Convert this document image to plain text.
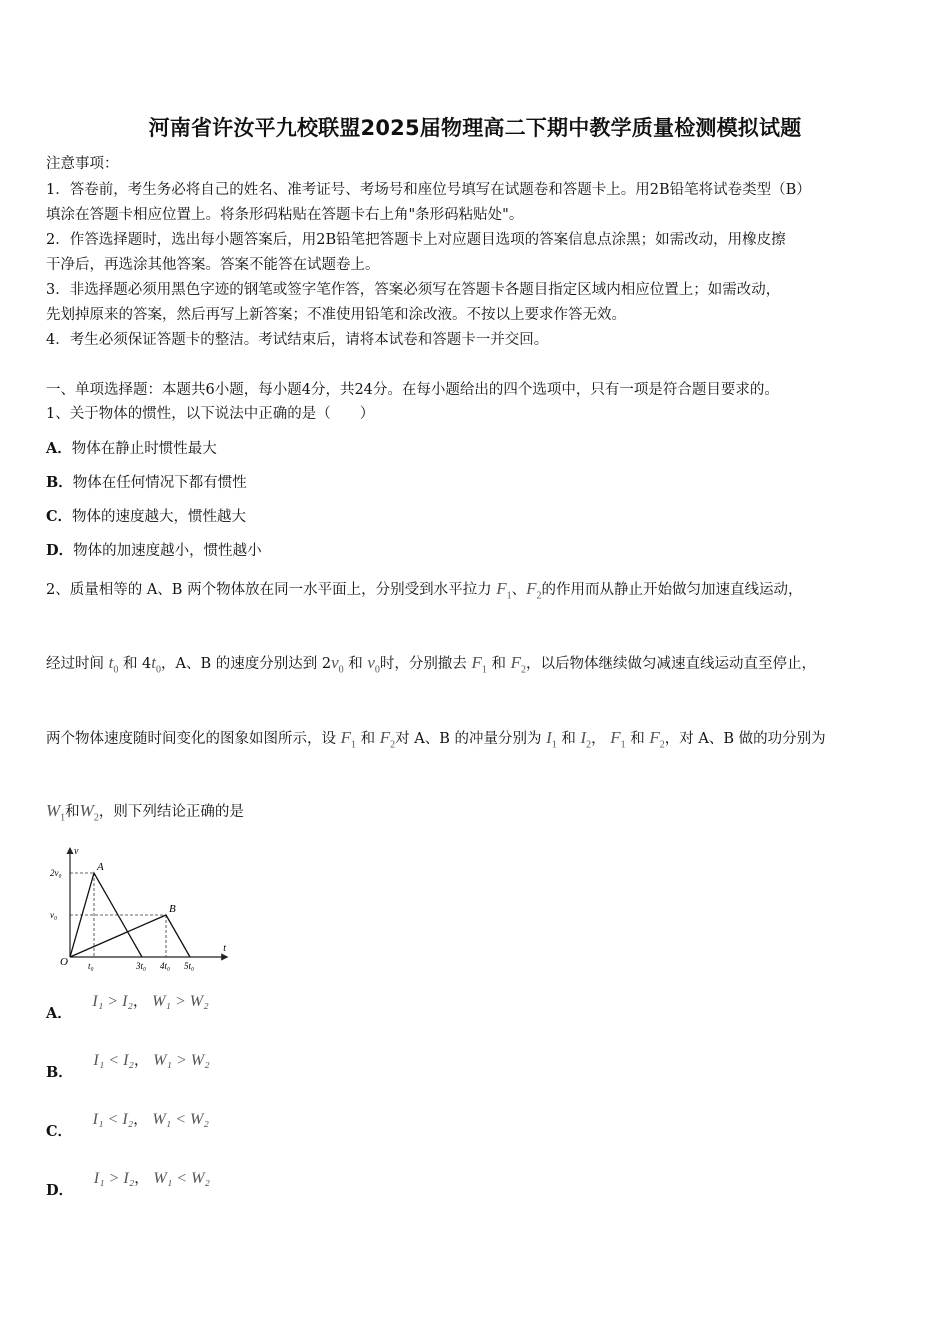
河南省许汝平九校联盟2025届物理高二下期中教学质量检测模拟试题
注意事项：
1．答卷前，考生务必将自己的姓名、准考证号、考场号和座位号填写在试题卷和答题卡上。用2B铅笔将试卷类型（B）
填涂在答题卡相应位置上。将条形码粘贴在答题卡右上角"条形码粘贴处"。
2．作答选择题时，选出每小题答案后，用2B铅笔把答题卡上对应题目选项的答案信息点涂黑；如需改动，用橡皮擦
干净后，再选涂其他答案。答案不能答在试题卷上。
3．非选择题必须用黑色字迹的钢笔或签字笔作答，答案必须写在答题卡各题目指定区域内相应位置上；如需改动，
先划掉原来的答案，然后再写上新答案；不准使用铅笔和涂改液。不按以上要求作答无效。
4．考生必须保证答题卡的整洁。考试结束后，请将本试卷和答题卡一并交回。
一、单项选择题：本题共6小题，每小题4分，共24分。在每小题给出的四个选项中，只有一项是符合题目要求的。
1、关于物体的惯性，以下说法中正确的是（　　）
A．物体在静止时惯性最大
B．物体在任何情况下都有惯性
C．物体的速度越大，惯性越大
D．物体的加速度越小，惯性越小
2、质量相等的 A、B 两个物体放在同一水平面上，分别受到水平拉力 $F_1$、$F_2$的作用而从静止开始做匀加速直线运动，
经过时间 $t_0$ 和 $4t_0$，A、B 的速度分别达到 $2v_0$ 和 $v_0$时，分别撤去 $F_1$ 和 $F_2$，以后物体继续做匀减速直线运动直至停止，
两个物体速度随时间变化的图象如图所示，设 $F_1$ 和 $F_2$对 A、B 的冲量分别为 $I_1$ 和 $I_2$， $F_1$ 和 $F_2$，对 A、B 做的功分别为
$W_1$和$W_2$，则下列结论正确的是
t
v
O
2v₀
v₀
t₀	3t₀ 4t₀ 5t₀
A
B
A． I₁ > I₂， W₁ > W₂
B． I₁ < I₂， W₁ > W₂
C． I₁ < I₂， W₁ < W₂
D． I₁ > I₂， W₁ < W₂
